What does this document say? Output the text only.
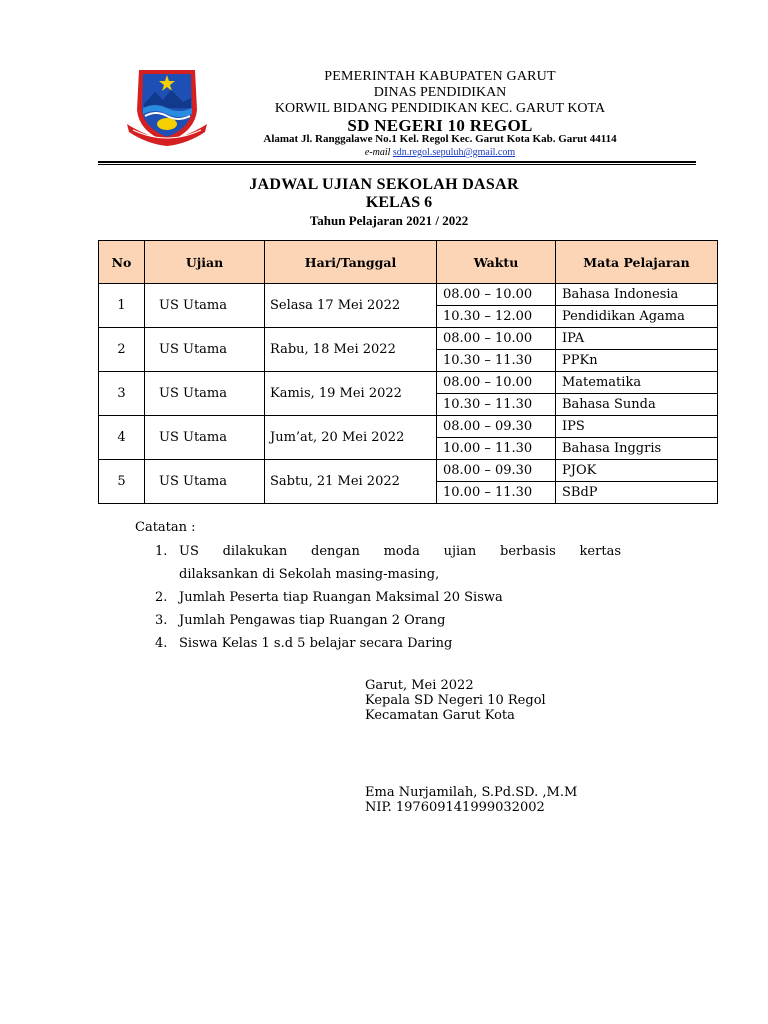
PEMERINTAH KABUPATEN GARUT
DINAS PENDIDIKAN
KORWIL BIDANG PENDIDIKAN KEC. GARUT KOTA
SD NEGERI 10 REGOL
Alamat Jl. Ranggalawe No.1 Kel. Regol Kec. Garut Kota Kab. Garut 44114
e-mail sdn.regol.sepuluh@gmail.com
JADWAL UJIAN SEKOLAH DASAR
KELAS 6
Tahun Pelajaran 2021 / 2022
No	Ujian	Hari/Tanggal	Waktu	Mata Pelajaran
1	US Utama	Selasa 17 Mei 2022	08.00 – 10.00	Bahasa Indonesia
			10.30 – 12.00	Pendidikan Agama
2	US Utama	Rabu, 18 Mei 2022	08.00 – 10.00	IPA
			10.30 – 11.30	PPKn
3	US Utama	Kamis, 19 Mei 2022	08.00 – 10.00	Matematika
			10.30 – 11.30	Bahasa Sunda
4	US Utama	Jum’at, 20 Mei 2022	08.00 – 09.30	IPS
			10.00 – 11.30	Bahasa Inggris
5	US Utama	Sabtu, 21 Mei 2022	08.00 – 09.30	PJOK
			10.00 – 11.30	SBdP
Catatan :
1. US dilakukan dengan moda ujian berbasis kertas
dilaksankan di Sekolah masing-masing,
2. Jumlah Peserta tiap Ruangan Maksimal 20 Siswa
3. Jumlah Pengawas tiap Ruangan 2 Orang
4. Siswa Kelas 1 s.d 5 belajar secara Daring
Garut, Mei 2022
Kepala SD Negeri 10 Regol
Kecamatan Garut Kota
Ema Nurjamilah, S.Pd.SD. ,M.M
NIP. 197609141999032002
